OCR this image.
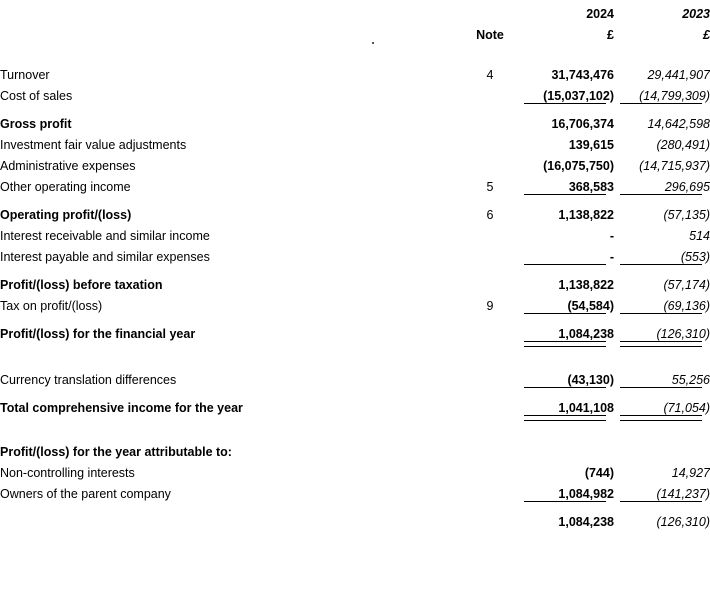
		2024	2023
	Note	£	£

Turnover	4	31,743,476	29,441,907
Cost of sales		(15,037,102)	(14,799,309)

Gross profit		16,706,374	14,642,598
Investment fair value adjustments		139,615	(280,491)
Administrative expenses		(16,075,750)	(14,715,937)
Other operating income	5	368,583	296,695

Operating profit/(loss)	6	1,138,822	(57,135)
Interest receivable and similar income		-	514
Interest payable and similar expenses		-	(553)

Profit/(loss) before taxation		1,138,822	(57,174)
Tax on profit/(loss)	9	(54,584)	(69,136)

Profit/(loss) for the financial year		1,084,238	(126,310)

Currency translation differences		(43,130)	55,256

Total comprehensive income for the year		1,041,108	(71,054)

Profit/(loss) for the year attributable to:			
Non-controlling interests		(744)	14,927
Owners of the parent company		1,084,982	(141,237)

		1,084,238	(126,310)
